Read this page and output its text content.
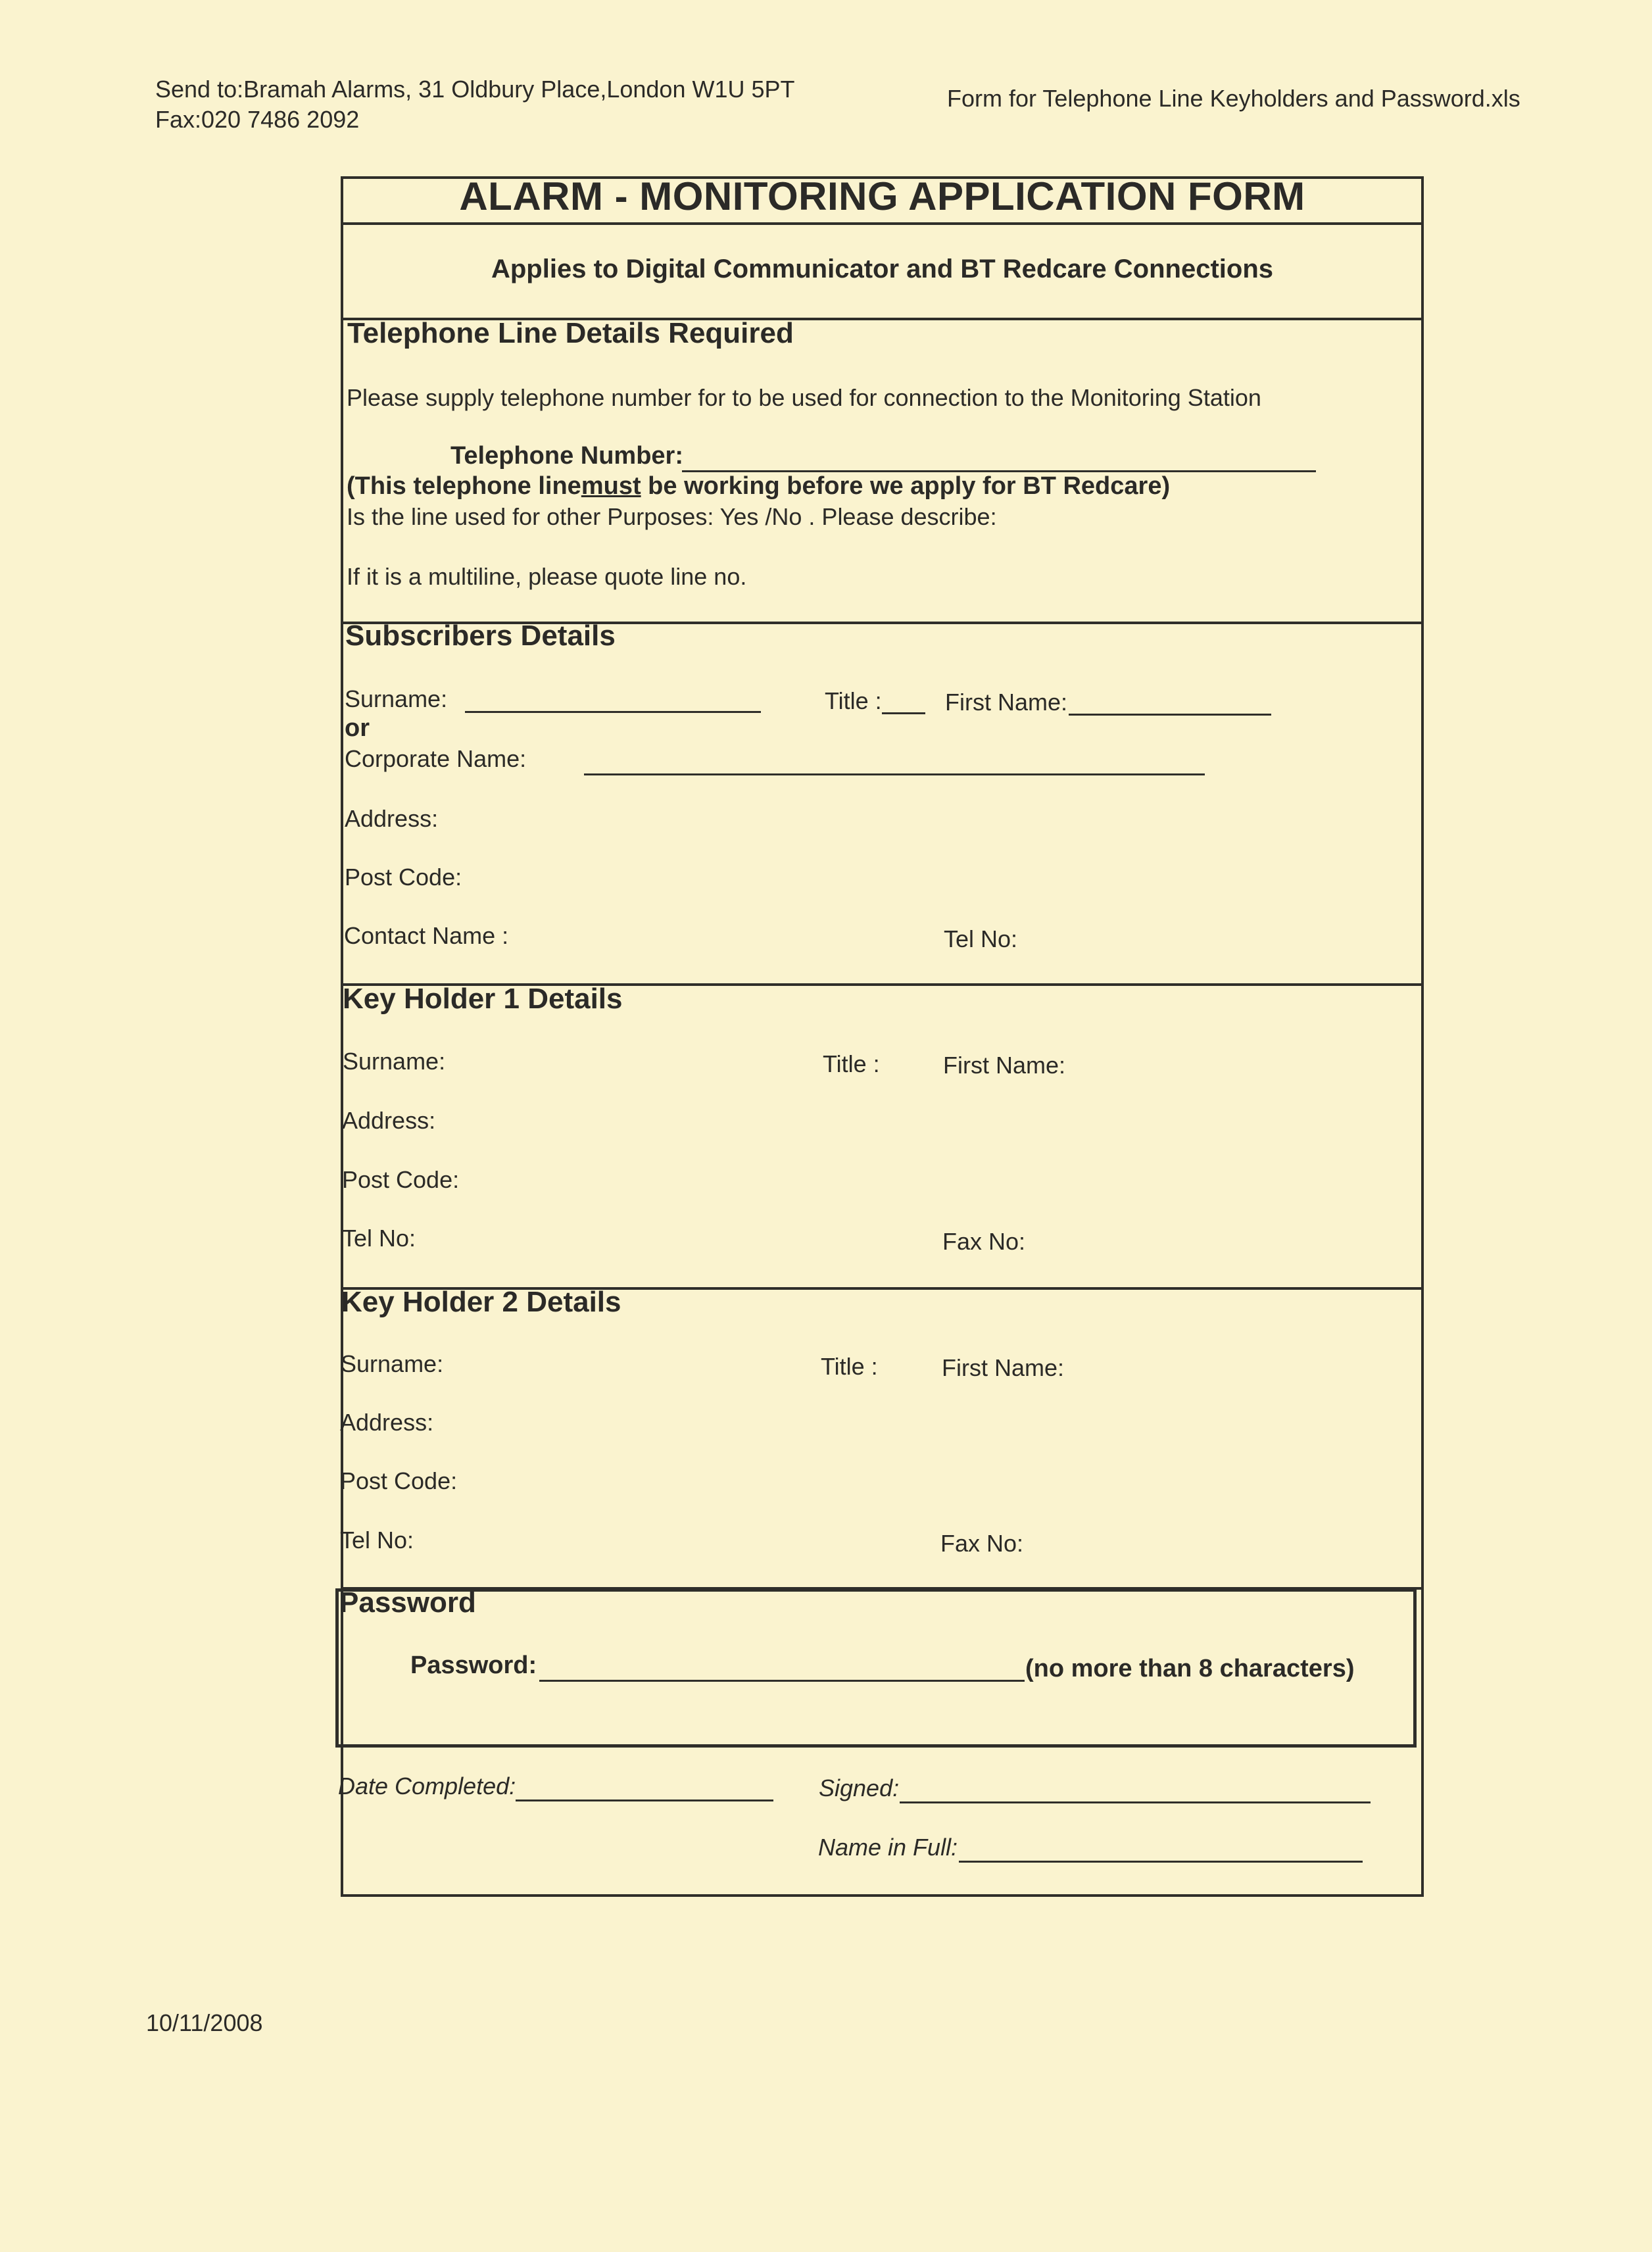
Send to:Bramah Alarms, 31 Oldbury Place,London W1U 5PT
Fax:020 7486 2092
Form for Telephone Line Keyholders and Password.xls
ALARM - MONITORING APPLICATION FORM
Applies to Digital Communicator and BT Redcare Connections
Telephone Line Details Required
Please supply telephone number for to be used for connection to the Monitoring Station
Telephone Number:
(This telephone linemust be working before we apply for BT Redcare)
Is the line used for other Purposes: Yes /No . Please describe:
If it is a multiline, please quote line no.
Subscribers Details
Surname:	Title :	First Name:
or
Corporate Name:
Address:
Post Code:
Contact Name :	Tel No:
Key Holder 1 Details
Surname:	Title :	First Name:
Address:
Post Code:
Tel No:	Fax No:
Key Holder 2 Details
Surname:	Title :	First Name:
Address:
Post Code:
Tel No:	Fax No:
Password
Password:	(no more than 8 characters)
Date Completed:	Signed:
Name in Full:
10/11/2008
